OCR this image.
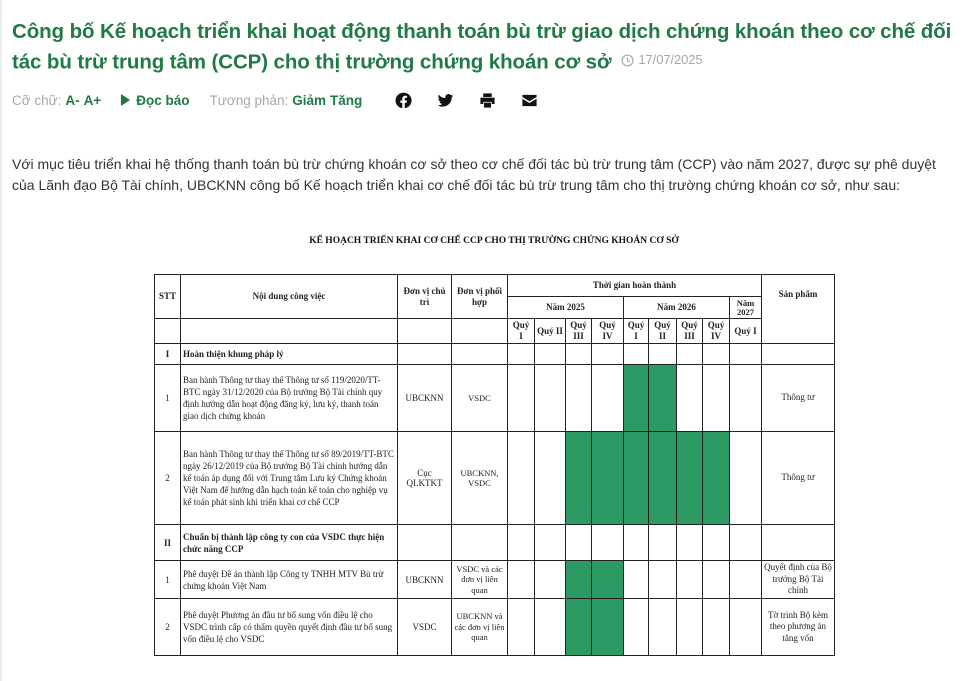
Công bố Kế hoạch triển khai hoạt động thanh toán bù trừ giao dịch chứng khoán theo cơ chế đối tác bù trừ trung tâm (CCP) cho thị trường chứng khoán cơ sở 17/07/2025
Cỡ chữ: A- A+	Đọc báo Tương phản: Giảm Tăng

Với mục tiêu triển khai hệ thống thanh toán bù trừ chứng khoán cơ sở theo cơ chế đối tác bù trừ trung tâm (CCP) vào năm 2027, được sự phê duyệt của Lãnh đạo Bộ Tài chính, UBCKNN công bố Kế hoạch triển khai cơ chế đối tác bù trừ trung tâm cho thị trường chứng khoán cơ sở, như sau:

KẾ HOẠCH TRIỂN KHAI CƠ CHẾ CCP CHO THỊ TRƯỜNG CHỨNG KHOÁN CƠ SỞ
STT	Nội dung công việc	Đơn vị chủ trì	Đơn vị phối hợp	Thời gian hoàn thành									Sản phẩm
				Năm 2025				Năm 2026				Năm 2027	
				Quý I	Quý II	Quý III	Quý IV	Quý I	Quý II	Quý III	Quý IV	Quý I	
I	Hoàn thiện khung pháp lý												
1	Ban hành Thông tư thay thế Thông tư số 119/2020/TT-BTC ngày 31/12/2020 của Bộ trưởng Bộ Tài chính quy định hướng dẫn hoạt động đăng ký, lưu ký, thanh toán giao dịch chứng khoán	UBCKNN	VSDC										Thông tư
2	Ban hành Thông tư thay thế Thông tư số 89/2019/TT-BTC ngày 26/12/2019 của Bộ trưởng Bộ Tài chính hướng dẫn kế toán áp dụng đối với Trung tâm Lưu ký Chứng khoán Việt Nam để hướng dẫn hạch toán kế toán cho nghiệp vụ kế toán phát sinh khi triển khai cơ chế CCP	Cục QLKTKT	UBCKNN, VSDC										Thông tư
II	Chuẩn bị thành lập công ty con của VSDC thực hiện chức năng CCP												
1	Phê duyệt Đề án thành lập Công ty TNHH MTV Bù trừ chứng khoán Việt Nam	UBCKNN	VSDC và các đơn vị liên quan										Quyết định của Bộ trưởng Bộ Tài chính
2	Phê duyệt Phương án đầu tư bổ sung vốn điều lệ cho VSDC trình cấp có thẩm quyền quyết định đầu tư bổ sung vốn điều lệ cho VSDC	VSDC	UBCKNN và các đơn vị liên quan										Tờ trình Bộ kèm theo phương án tăng vốn
